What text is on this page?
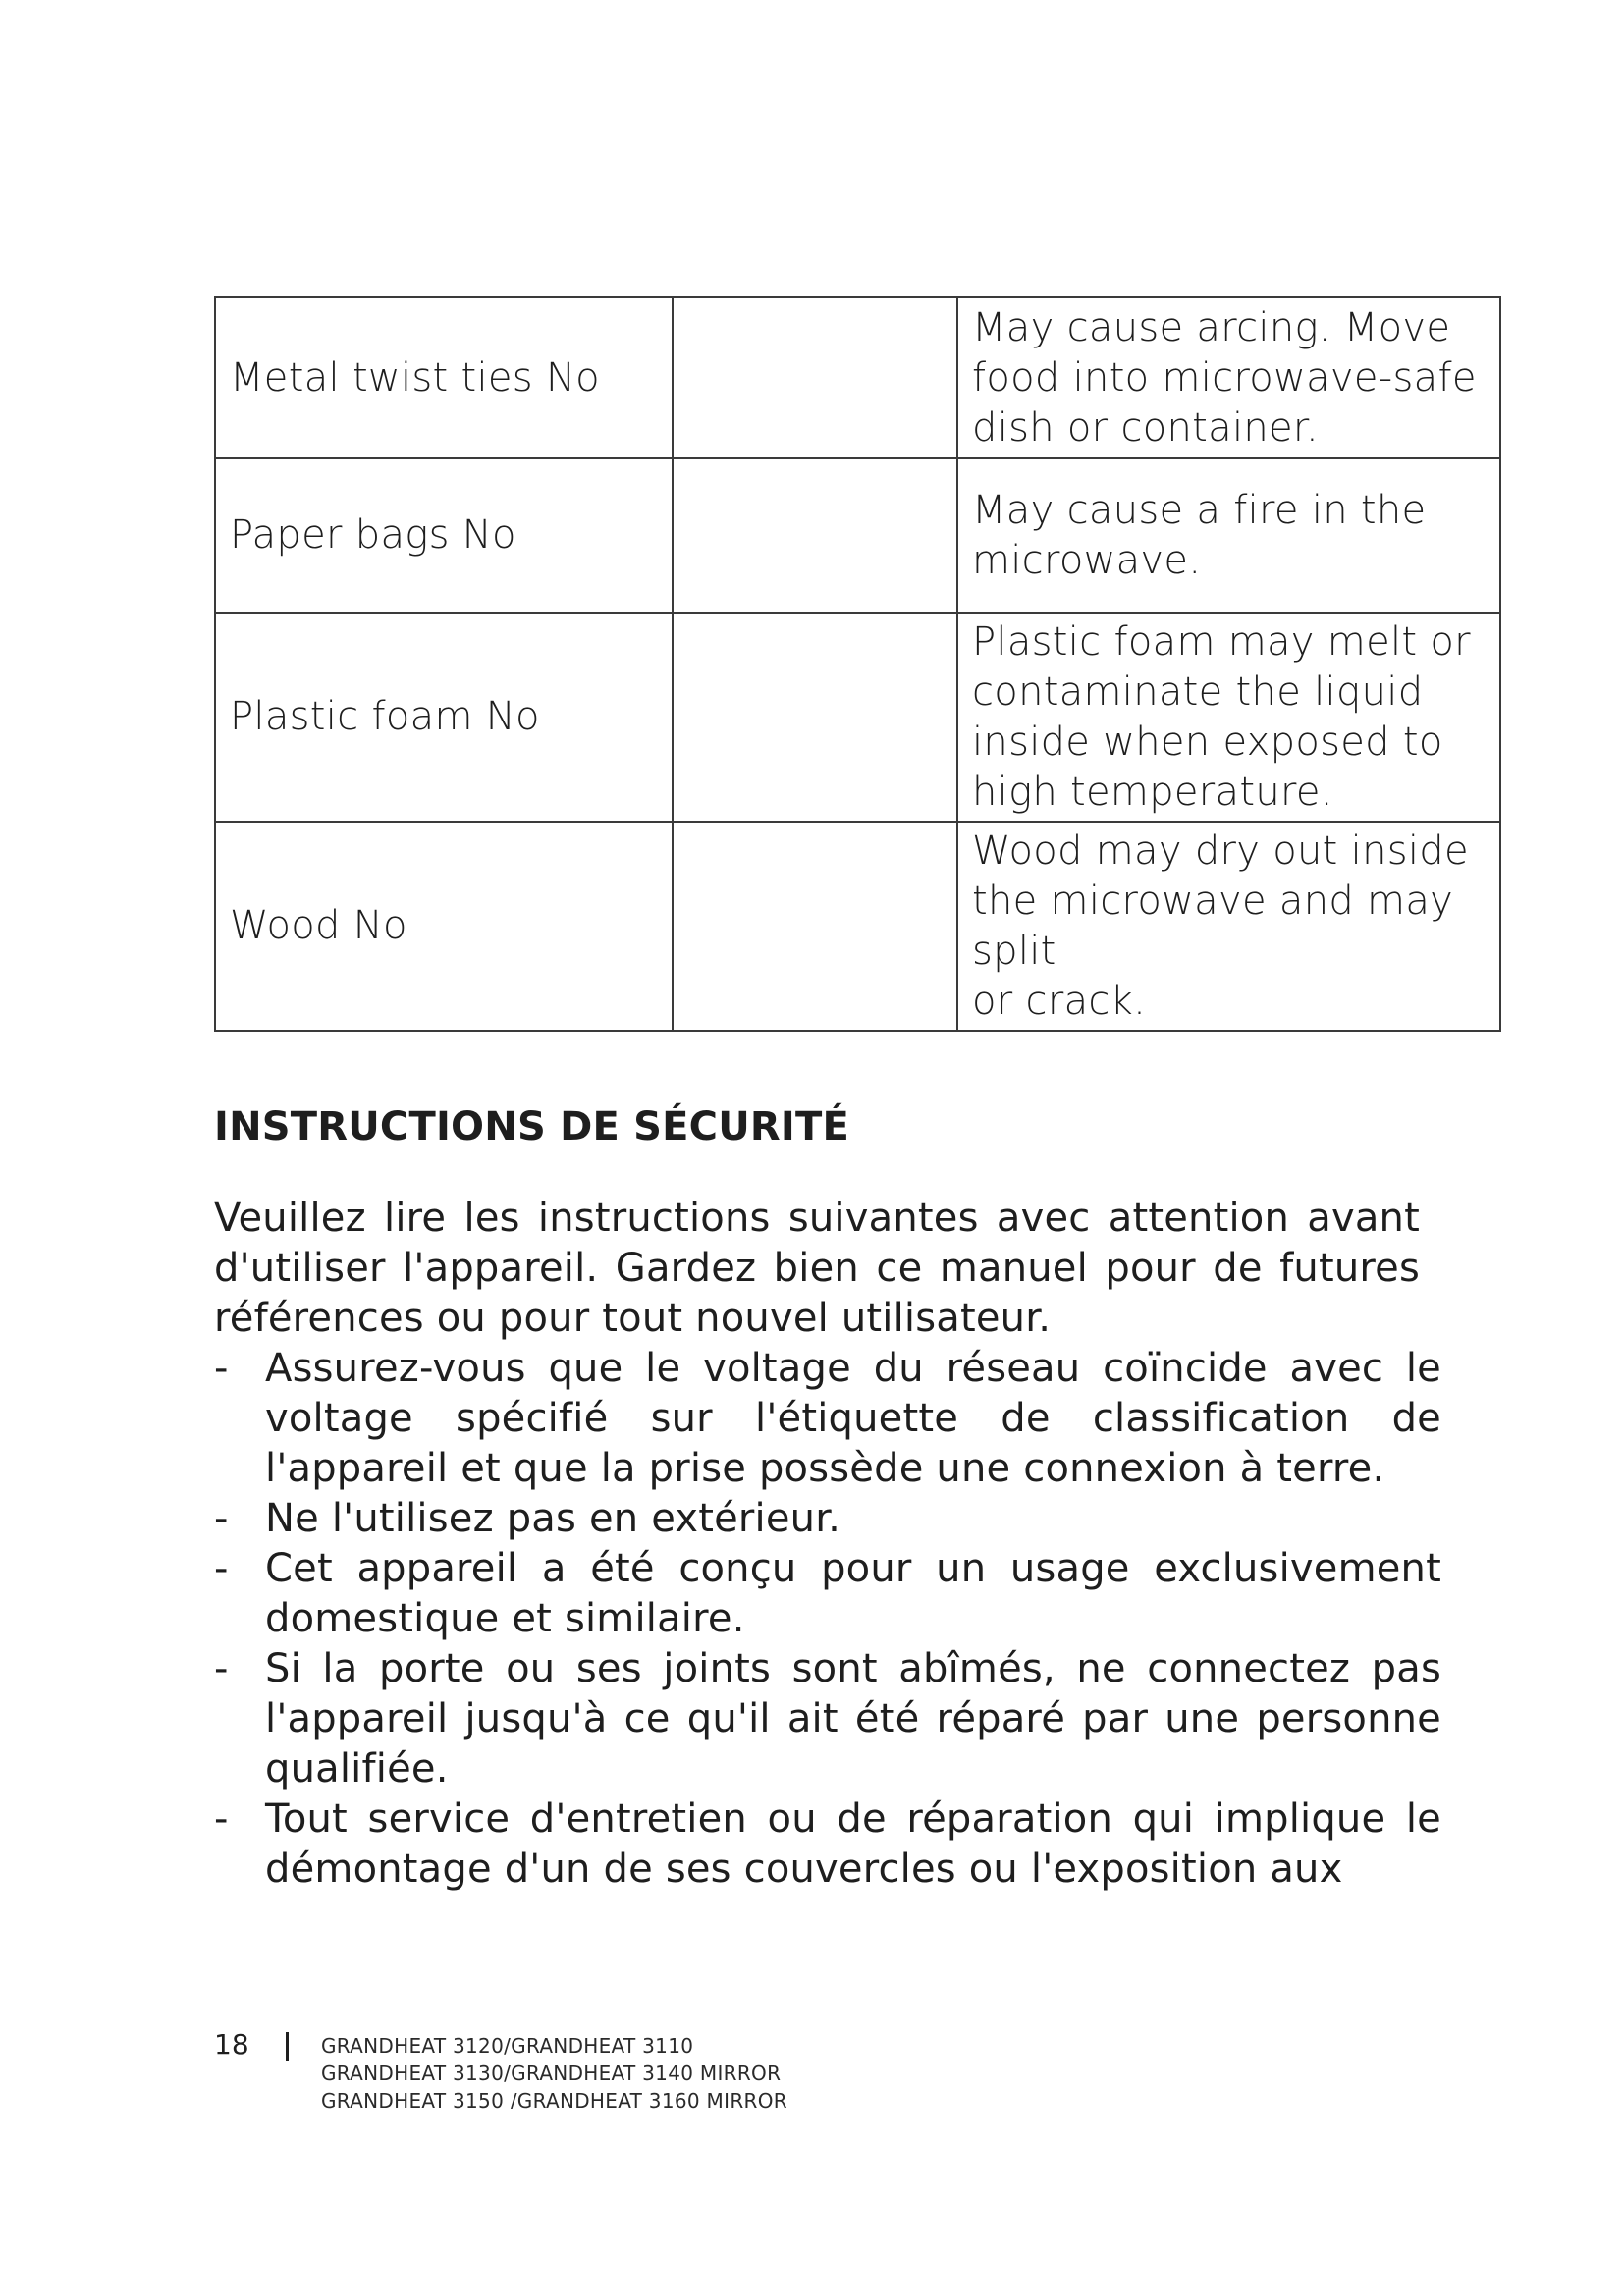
Metal twist ties No		May cause arcing. Move
food into microwave-safe
dish or container.

Paper bags No		May cause a fire in the
microwave.

Plastic foam No		Plastic foam may melt or
contaminate the liquid
inside when exposed to
high temperature.

Wood No		Wood may dry out inside
the microwave and may
split
or crack.
INSTRUCTIONS DE SÉCURITÉ

Veuillez lire les instructions suivantes avec attention avant d'utiliser l'appareil. Gardez bien ce manuel pour de futures références ou pour tout nouvel utilisateur.

- Assurez-vous que le voltage du réseau coïncide avec le voltage spécifié sur l'étiquette de classification de l'appareil et que la prise possède une connexion à terre.
- Ne l'utilisez pas en extérieur.
- Cet appareil a été conçu pour un usage exclusivement domestique et similaire.
- Si la porte ou ses joints sont abîmés, ne connectez pas l'appareil jusqu'à ce qu'il ait été réparé par une personne qualifiée.
- Tout service d'entretien ou de réparation qui implique le démontage d'un de ses couvercles ou l'exposition aux
18	GRANDHEAT 3120/GRANDHEAT 3110
GRANDHEAT 3130/GRANDHEAT 3140 MIRROR
GRANDHEAT 3150 /GRANDHEAT 3160 MIRROR
